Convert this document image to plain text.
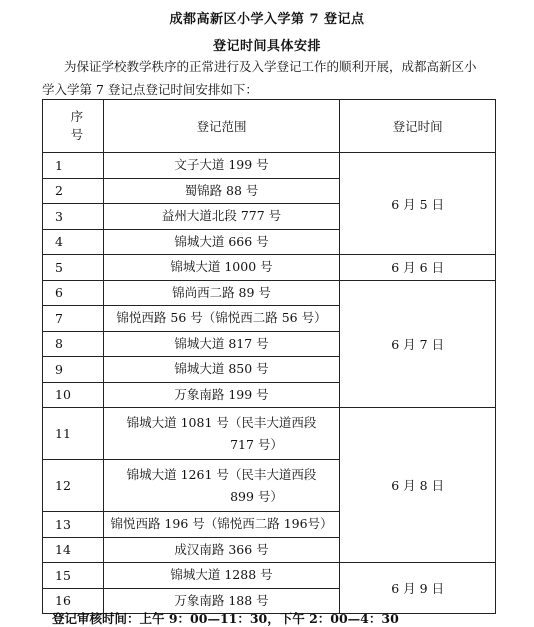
成都高新区小学入学第 7 登记点
登记时间具体安排
为保证学校教学秩序的正常进行及入学登记工作的顺利开展，成都高新区小
学入学第 7 登记点登记时间安排如下：
序
号	登记范围	登记时间
1	文子大道 199 号	6 月 5 日
2	蜀锦路 88 号	
3	益州大道北段 777 号	
4	锦城大道 666 号	
5	锦城大道 1000 号	6 月 6 日
6	锦尚西二路 89 号	6 月 7 日
7	锦悦西路 56 号（锦悦西二路 56 号）	
8	锦城大道 817 号	
9	锦城大道 850 号	
10	万象南路 199 号	
11	锦城大道 1081 号（民丰大道西段
717 号）	6 月 8 日
12	锦城大道 1261 号（民丰大道西段
899 号）	

13	锦悦西路 196 号（锦悦西二路 196号）	
14	成汉南路 366 号	
15	锦城大道 1288 号	6 月 9 日
16	万象南路 188 号	
登记审核时间：上午 9：00—11：30，下午 2：00—4：30
